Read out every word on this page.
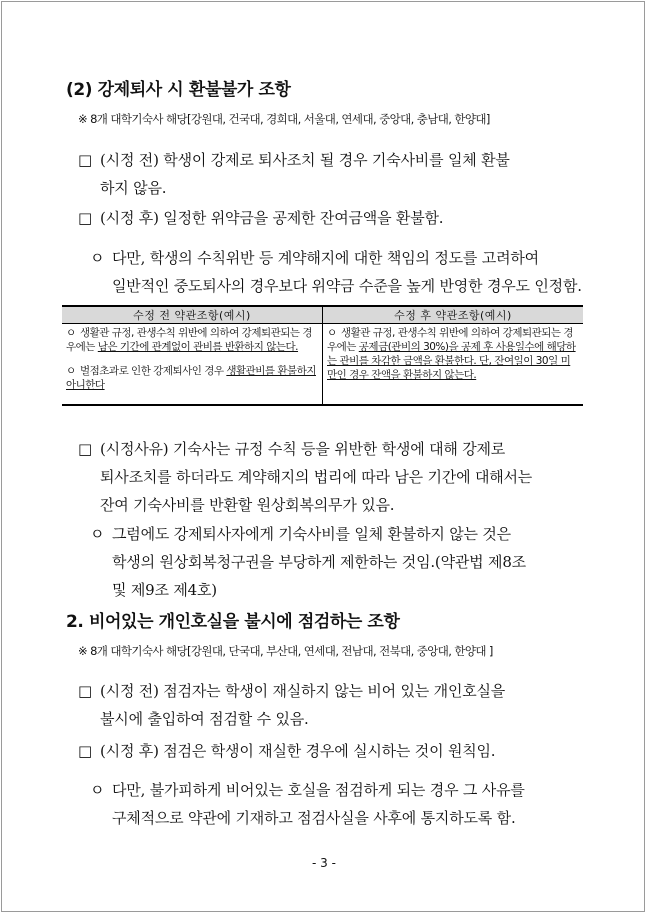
(2) 강제퇴사 시 환불불가 조항
※ 8개 대학기숙사 해당[강원대, 건국대, 경희대, 서울대, 연세대, 중앙대, 충남대, 한양대]
□ (시정 전) 학생이 강제로 퇴사조치 될 경우 기숙사비를 일체 환불
하지 않음.
□ (시정 후) 일정한 위약금을 공제한 잔여금액을 환불함.
ㅇ 다만, 학생의 수칙위반 등 계약해지에 대한 책임의 정도를 고려하여
일반적인 중도퇴사의 경우보다 위약금 수준을 높게 반영한 경우도 인정함.
수정 전 약관조항(예시)	수정 후 약관조항(예시)

ㅇ 생활관 규정, 관생수칙 위반에 의하여 강제퇴관되는 경우에는 남은 기간에 관계없이 관비를 반환하지 않는다.
ㅇ 벌점초과로 인한 강제퇴사인 경우 생활관비를 환불하지 아니한다	ㅇ 생활관 규정, 관생수칙 위반에 의하여 강제퇴관되는 경우에는 공제금(관비의 30%)을 공제 후 사용일수에 해당하는 관비를 차감한 금액을 환불한다. 단, 잔여일이 30일 미만인 경우 잔액을 환불하지 않는다.
□ (시정사유) 기숙사는 규정 수칙 등을 위반한 학생에 대해 강제로
퇴사조치를 하더라도 계약해지의 법리에 따라 남은 기간에 대해서는
잔여 기숙사비를 반환할 원상회복의무가 있음.
ㅇ 그럼에도 강제퇴사자에게 기숙사비를 일체 환불하지 않는 것은
학생의 원상회복청구권을 부당하게 제한하는 것임.(약관법 제8조
및 제9조 제4호)
2. 비어있는 개인호실을 불시에 점검하는 조항
※ 8개 대학기숙사 해당[강원대, 단국대, 부산대, 연세대, 전남대, 전북대, 중앙대, 한양대 ]
□ (시정 전) 점검자는 학생이 재실하지 않는 비어 있는 개인호실을
불시에 출입하여 점검할 수 있음.
□ (시정 후) 점검은 학생이 재실한 경우에 실시하는 것이 원칙임.
ㅇ 다만, 불가피하게 비어있는 호실을 점검하게 되는 경우 그 사유를
구체적으로 약관에 기재하고 점검사실을 사후에 통지하도록 함.
- 3 -
